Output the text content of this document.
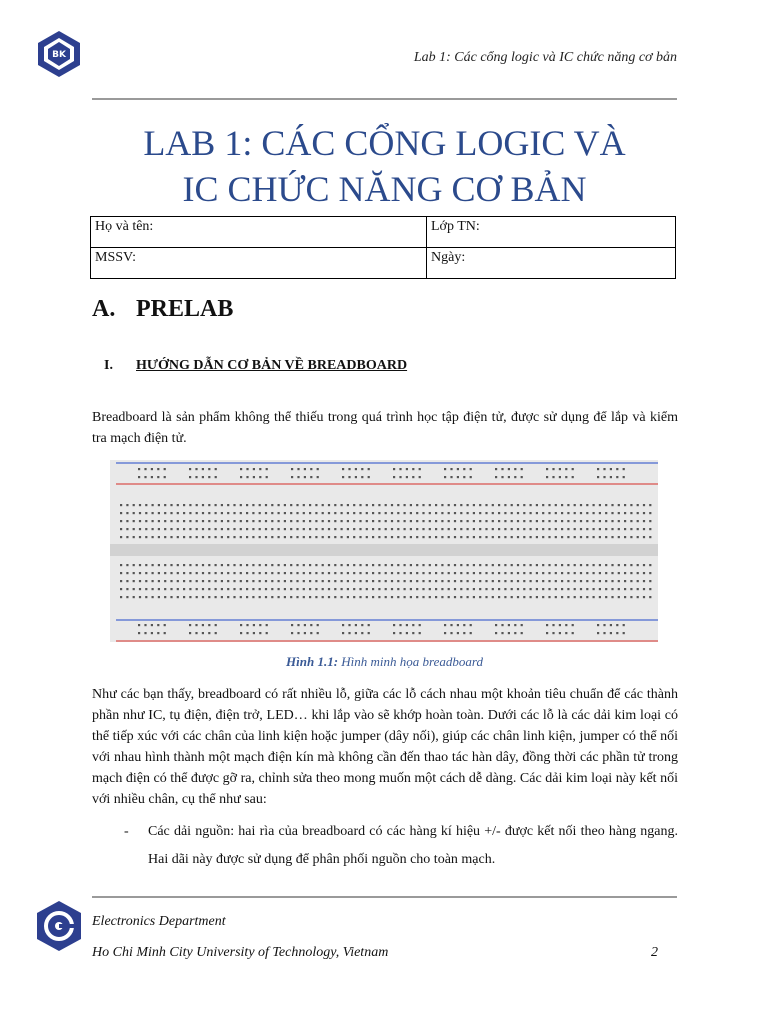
BK	Lab 1: Các cổng logic và IC chức năng cơ bản
LAB 1: CÁC CỔNG LOGIC VÀ
IC CHỨC NĂNG CƠ BẢN
Họ và tên:	Lớp TN:
MSSV:	Ngày:
A. PRELAB
I. HƯỚNG DẪN CƠ BẢN VỀ BREADBOARD
Breadboard là sản phẩm không thể thiếu trong quá trình học tập điện tử, được sử dụng để lắp và kiểm tra mạch điện tử.
Hình 1.1: Hình minh họa breadboard
Như các bạn thấy, breadboard có rất nhiều lỗ, giữa các lỗ cách nhau một khoản tiêu chuẩn để các thành phần như IC, tụ điện, điện trở, LED… khi lắp vào sẽ khớp hoàn toàn. Dưới các lỗ là các dải kim loại có thể tiếp xúc với các chân của linh kiện hoặc jumper (dây nối), giúp các chân linh kiện, jumper có thể nối với nhau hình thành một mạch điện kín mà không cần đến thao tác hàn dây, đồng thời các phần tử trong mạch điện có thể được gỡ ra, chỉnh sửa theo mong muốn một cách dễ dàng. Các dải kim loại này kết nối với nhiều chân, cụ thể như sau:
- Các dải nguồn: hai rìa của breadboard có các hàng kí hiệu +/- được kết nối theo hàng ngang. Hai dãi này được sử dụng để phân phối nguồn cho toàn mạch.
Electronics Department
Ho Chi Minh City University of Technology, Vietnam	2
